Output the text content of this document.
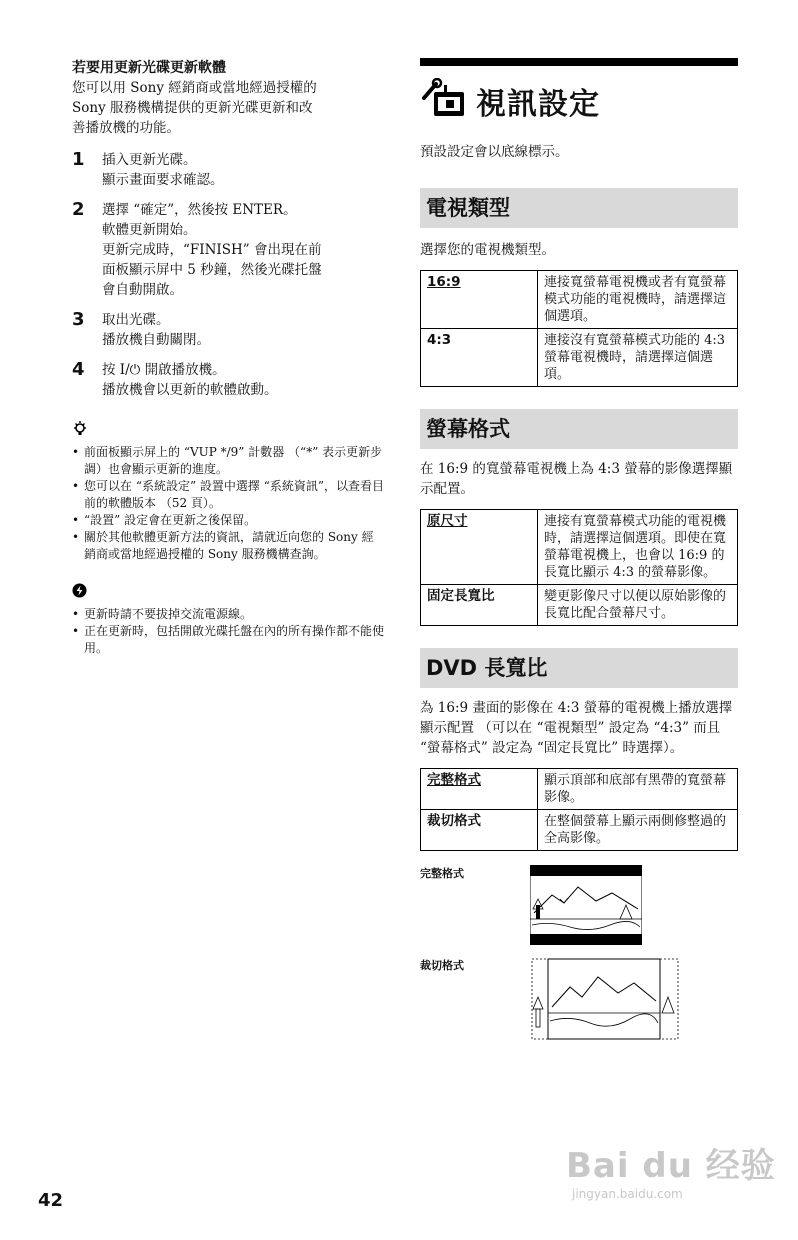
若要用更新光碟更新軟體

您可以用 Sony 經銷商或當地經過授權的

Sony 服務機構提供的更新光碟更新和改

善播放機的功能。

1	插入更新光碟。
顯示畫面要求確認。
2	選擇 “確定”，然後按 ENTER。
軟體更新開始。
更新完成時，“FINISH” 會出現在前
面板顯示屏中 5 秒鐘，然後光碟托盤
會自動開啟。
3	取出光碟。
播放機自動關閉。
4	按 I/⏻ 開啟播放機。
播放機會以更新的軟體啟動。
• 前面板顯示屏上的 “VUP */9” 計數器 （“*” 表示更新步調）也會顯示更新的進度。
• 您可以在 “系統設定” 設置中選擇 “系統資訊”，以查看目前的軟體版本 （52 頁）。
• “設置” 設定會在更新之後保留。
• 關於其他軟體更新方法的資訊，請就近向您的 Sony 經銷商或當地經過授權的 Sony 服務機構查詢。
• 更新時請不要拔掉交流電源線。
• 正在更新時，包括開啟光碟托盤在內的所有操作都不能使用。
視訊設定

預設設定會以底線標示。

電視類型

選擇您的電視機類型。

16:9	連接寬螢幕電視機或者有寬螢幕模式功能的電視機時，請選擇這個選項。
4:3	連接沒有寬螢幕模式功能的 4:3 螢幕電視機時，請選擇這個選項。
螢幕格式

在 16:9 的寬螢幕電視機上為 4:3 螢幕的影像選擇顯示配置。

原尺寸	連接有寬螢幕模式功能的電視機時，請選擇這個選項。即使在寬螢幕電視機上，也會以 16:9 的長寬比顯示 4:3 的螢幕影像。
固定長寬比	變更影像尺寸以便以原始影像的長寬比配合螢幕尺寸。
DVD 長寬比

為 16:9 畫面的影像在 4:3 螢幕的電視機上播放選擇顯示配置 （可以在 “電視類型” 設定為 “4:3” 而且 “螢幕格式” 設定為 “固定長寬比” 時選擇）。

完整格式	顯示頂部和底部有黑帶的寬螢幕影像。
裁切格式	在整個螢幕上顯示兩側修整過的全高影像。
完整格式
裁切格式
42
Bai du 经验
jingyan.baidu.com
